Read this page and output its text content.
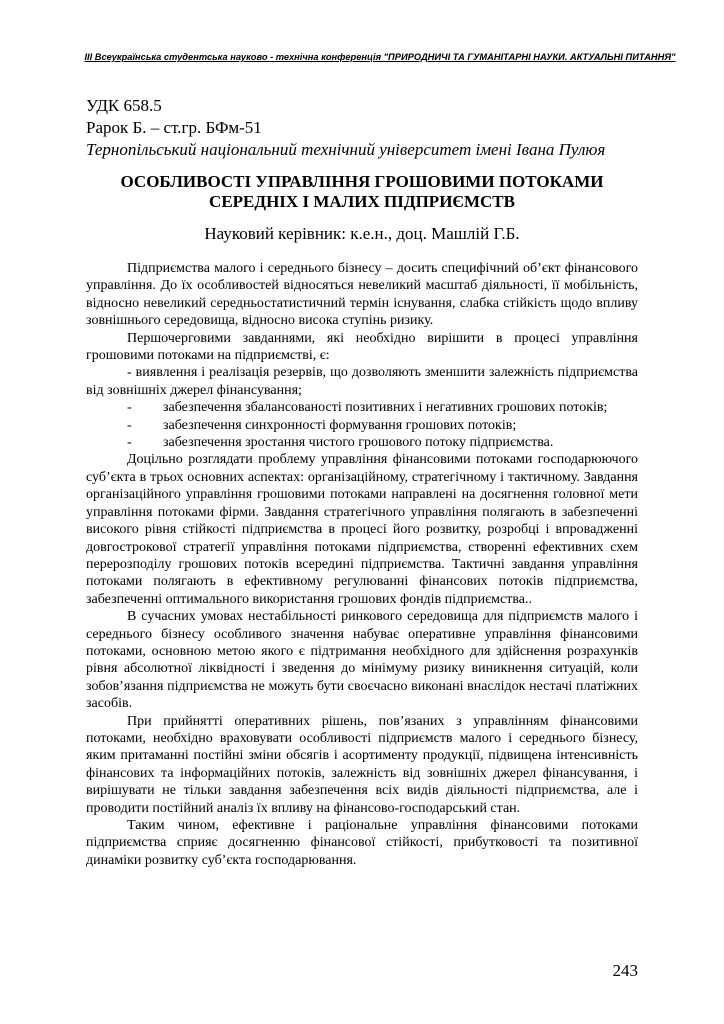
ІІІ Всеукраїнська студентська науково - технічна конференція "ПРИРОДНИЧІ ТА ГУМАНІТАРНІ НАУКИ. АКТУАЛЬНІ ПИТАННЯ"
УДК 658.5
Рарок Б. – ст.гр. БФм-51
Тернопільський національний технічний університет імені Івана Пулюя
ОСОБЛИВОСТІ УПРАВЛІННЯ ГРОШОВИМИ ПОТОКАМИ СЕРЕДНІХ І МАЛИХ ПІДПРИЄМСТВ
Науковий керівник: к.е.н., доц. Машлій Г.Б.

Підприємства малого і середнього бізнесу – досить специфічний об’єкт фінансового управління. До їх особливостей відносяться невеликий масштаб діяльності, її мобільність, відносно невеликий середньостатистичний термін існування, слабка стійкість щодо впливу зовнішнього середовища, відносно висока ступінь ризику.

Першочерговими завданнями, які необхідно вирішити в процесі управління грошовими потоками на підприємстві, є:

- виявлення і реалізація резервів, що дозволяють зменшити залежність підприємства від зовнішніх джерел фінансування;

-	забезпечення збалансованості позитивних і негативних грошових потоків;
-	забезпечення синхронності формування грошових потоків;
-	забезпечення зростання чистого грошового потоку підприємства.

Доцільно розглядати проблему управління фінансовими потоками господарюючого суб’єкта в трьох основних аспектах: організаційному, стратегічному і тактичному. Завдання організаційного управління грошовими потоками направлені на досягнення головної мети управління потоками фірми. Завдання стратегічного управління полягають в забезпеченні високого рівня стійкості підприємства в процесі його розвитку, розробці і впровадженні довгострокової стратегії управління потоками підприємства, створенні ефективних схем перерозподілу грошових потоків всередині підприємства. Тактичні завдання управління потоками полягають в ефективному регулюванні фінансових потоків підприємства, забезпеченні оптимального використання грошових фондів підприємства..

В сучасних умовах нестабільності ринкового середовища для підприємств малого і середнього бізнесу особливого значення набуває оперативне управління фінансовими потоками, основною метою якого є підтримання необхідного для здійснення розрахунків рівня абсолютної ліквідності і зведення до мінімуму ризику виникнення ситуацій, коли зобов’язання підприємства не можуть бути своєчасно виконані внаслідок нестачі платіжних засобів.

При прийнятті оперативних рішень, пов’язаних з управлінням фінансовими потоками, необхідно враховувати особливості підприємств малого і середнього бізнесу, яким притаманні постійні зміни обсягів і асортименту продукції, підвищена інтенсивність фінансових та інформаційних потоків, залежність від зовнішніх джерел фінансування, і вирішувати не тільки завдання забезпечення всіх видів діяльності підприємства, але і проводити постійний аналіз їх впливу на фінансово-господарський стан.

Таким чином, ефективне і раціональне управління фінансовими потоками підприємства сприяє досягненню фінансової стійкості, прибутковості та позитивної динаміки розвитку суб’єкта господарювання.

243
